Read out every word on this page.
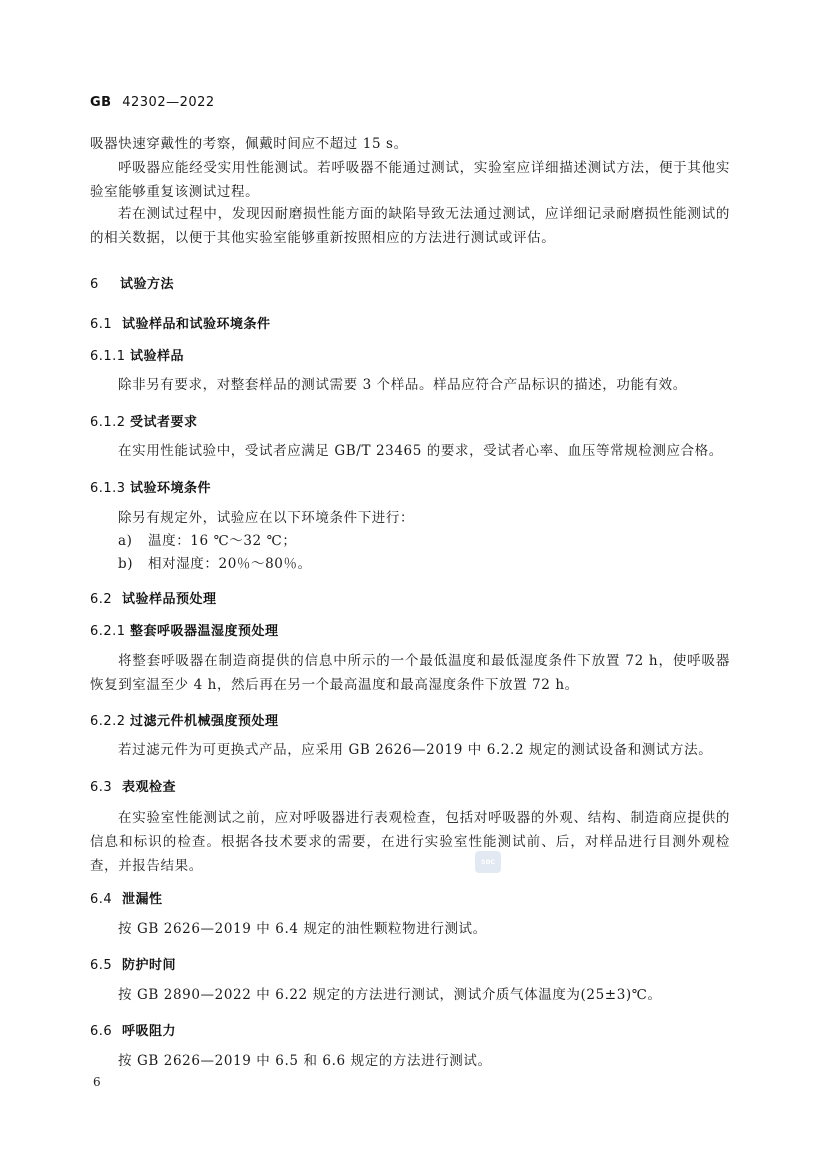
GB 42302—2022
吸器快速穿戴性的考察，佩戴时间应不超过 15 s。
呼吸器应能经受实用性能测试。若呼吸器不能通过测试，实验室应详细描述测试方法，便于其他实验室能够重复该测试过程。
若在测试过程中，发现因耐磨损性能方面的缺陷导致无法通过测试，应详细记录耐磨损性能测试的的相关数据，以便于其他实验室能够重新按照相应的方法进行测试或评估。
6 试验方法
6.1 试验样品和试验环境条件
6.1.1 试验样品
除非另有要求，对整套样品的测试需要 3 个样品。样品应符合产品标识的描述，功能有效。
6.1.2 受试者要求
在实用性能试验中，受试者应满足 GB/T 23465 的要求，受试者心率、血压等常规检测应合格。
6.1.3 试验环境条件
除另有规定外，试验应在以下环境条件下进行：
a) 温度：16 ℃～32 ℃；
b) 相对湿度：20％～80％。
6.2 试验样品预处理
6.2.1 整套呼吸器温湿度预处理
将整套呼吸器在制造商提供的信息中所示的一个最低温度和最低湿度条件下放置 72 h，使呼吸器恢复到室温至少 4 h，然后再在另一个最高温度和最高湿度条件下放置 72 h。
6.2.2 过滤元件机械强度预处理
若过滤元件为可更换式产品，应采用 GB 2626—2019 中 6.2.2 规定的测试设备和测试方法。
6.3 表观检查
在实验室性能测试之前，应对呼吸器进行表观检查，包括对呼吸器的外观、结构、制造商应提供的信息和标识的检查。根据各技术要求的需要，在进行实验室性能测试前、后，对样品进行目测外观检查，并报告结果。	SDC
6.4 泄漏性
按 GB 2626—2019 中 6.4 规定的油性颗粒物进行测试。
6.5 防护时间
按 GB 2890—2022 中 6.22 规定的方法进行测试，测试介质气体温度为(25±3)℃。
6.6 呼吸阻力
按 GB 2626—2019 中 6.5 和 6.6 规定的方法进行测试。
6
